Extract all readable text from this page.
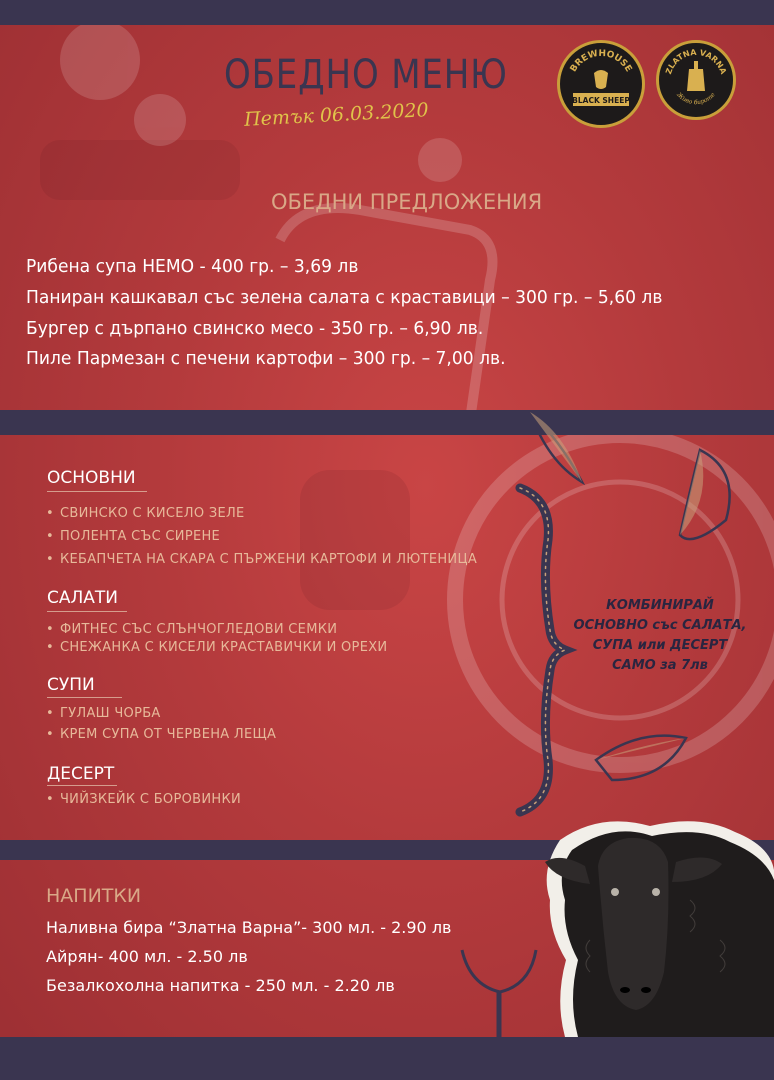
ОБЕДНО МЕНЮ
Петък 06.03.2020
BREWHOUSE
BLACK SHEEP
ZLATNA VARNA
Живо бироте
ОБЕДНИ ПРЕДЛОЖЕНИЯ
Рибена супа НЕМО - 400 гр. – 3,69 лв
Паниран кашкавал със зелена салата с краставици – 300 гр. – 5,60 лв
Бургер с дърпано свинско месо - 350 гр. – 6,90 лв.
Пиле Пармезан с печени картофи – 300 гр. – 7,00 лв.
ОСНОВНИ
• СВИНСКО С КИСЕЛО ЗЕЛЕ
• ПОЛЕНТА СЪС СИРЕНЕ
• КЕБАПЧЕТА НА СКАРА С ПЪРЖЕНИ КАРТОФИ И ЛЮТЕНИЦА
САЛАТИ
• ФИТНЕС СЪС СЛЪНЧОГЛЕДОВИ СЕМКИ
• СНЕЖАНКА С КИСЕЛИ КРАСТАВИЧКИ И ОРЕХИ
СУПИ
• ГУЛАШ ЧОРБА
• КРЕМ СУПА ОТ ЧЕРВЕНА ЛЕЩА
ДЕСЕРТ
• ЧИЙЗКЕЙК С БОРОВИНКИ
КОМБИНИРАЙ
ОСНОВНО със САЛАТА,
СУПА или ДЕСЕРТ
САМО за 7лв
НАПИТКИ
Наливна бира “Златна Варна”- 300 мл. - 2.90 лв
Айрян- 400 мл. - 2.50 лв
Безалкохолна напитка - 250 мл. - 2.20 лв
